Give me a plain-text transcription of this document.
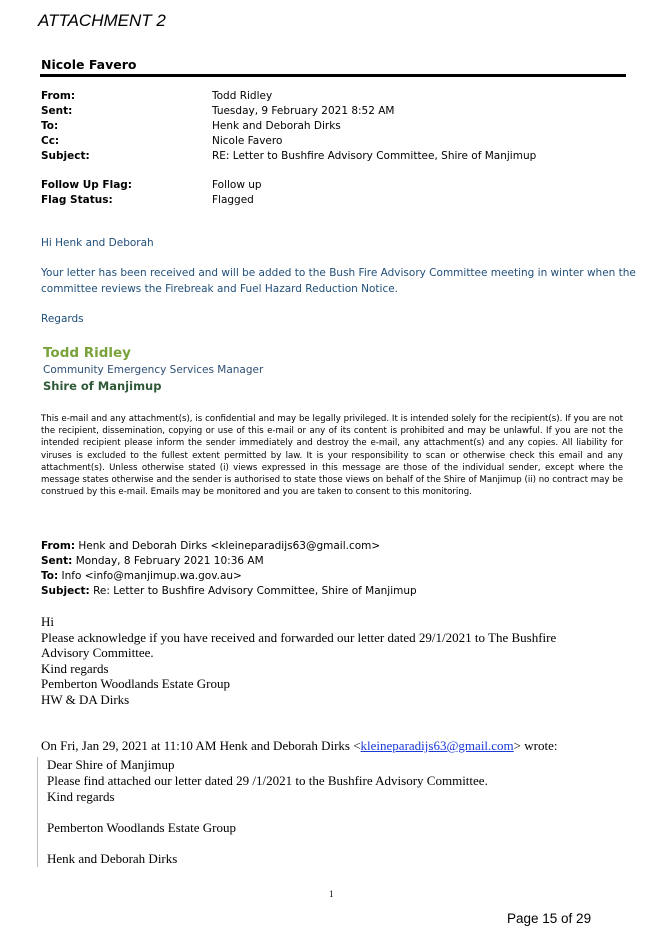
ATTACHMENT 2
Nicole Favero
From:	Todd Ridley
Sent:	Tuesday, 9 February 2021 8:52 AM
To:	Henk and Deborah Dirks
Cc:	Nicole Favero
Subject:	RE: Letter to Bushfire Advisory Committee, Shire of Manjimup
Follow Up Flag:	Follow up
Flag Status:	Flagged
Hi Henk and Deborah
Your letter has been received and will be added to the Bush Fire Advisory Committee meeting in winter when the
committee reviews the Firebreak and Fuel Hazard Reduction Notice.
Regards
Todd Ridley
Community Emergency Services Manager
Shire of Manjimup
This e-mail and any attachment(s), is confidential and may be legally privileged. It is intended solely for the recipient(s). If you are not the recipient, dissemination, copying or use of this e-mail or any of its content is prohibited and may be unlawful. If you are not the intended recipient please inform the sender immediately and destroy the e-mail, any attachment(s) and any copies. All liability for viruses is excluded to the fullest extent permitted by law. It is your responsibility to scan or otherwise check this email and any attachment(s). Unless otherwise stated (i) views expressed in this message are those of the individual sender, except where the message states otherwise and the sender is authorised to state those views on behalf of the Shire of Manjimup (ii) no contract may be construed by this e-mail. Emails may be monitored and you are taken to consent to this monitoring.
From: Henk and Deborah Dirks <kleineparadijs63@gmail.com>
Sent: Monday, 8 February 2021 10:36 AM
To: Info <info@manjimup.wa.gov.au>
Subject: Re: Letter to Bushfire Advisory Committee, Shire of Manjimup
Hi
Please acknowledge if you have received and forwarded our letter dated 29/1/2021 to The Bushfire
Advisory Committee.
Kind regards
Pemberton Woodlands Estate Group
HW & DA Dirks
On Fri, Jan 29, 2021 at 11:10 AM Henk and Deborah Dirks <kleineparadijs63@gmail.com> wrote:
Dear Shire of Manjimup
Please find attached our letter dated 29 /1/2021 to the Bushfire Advisory Committee.
Kind regards
Pemberton Woodlands Estate Group
Henk and Deborah Dirks
1
Page 15 of 29
